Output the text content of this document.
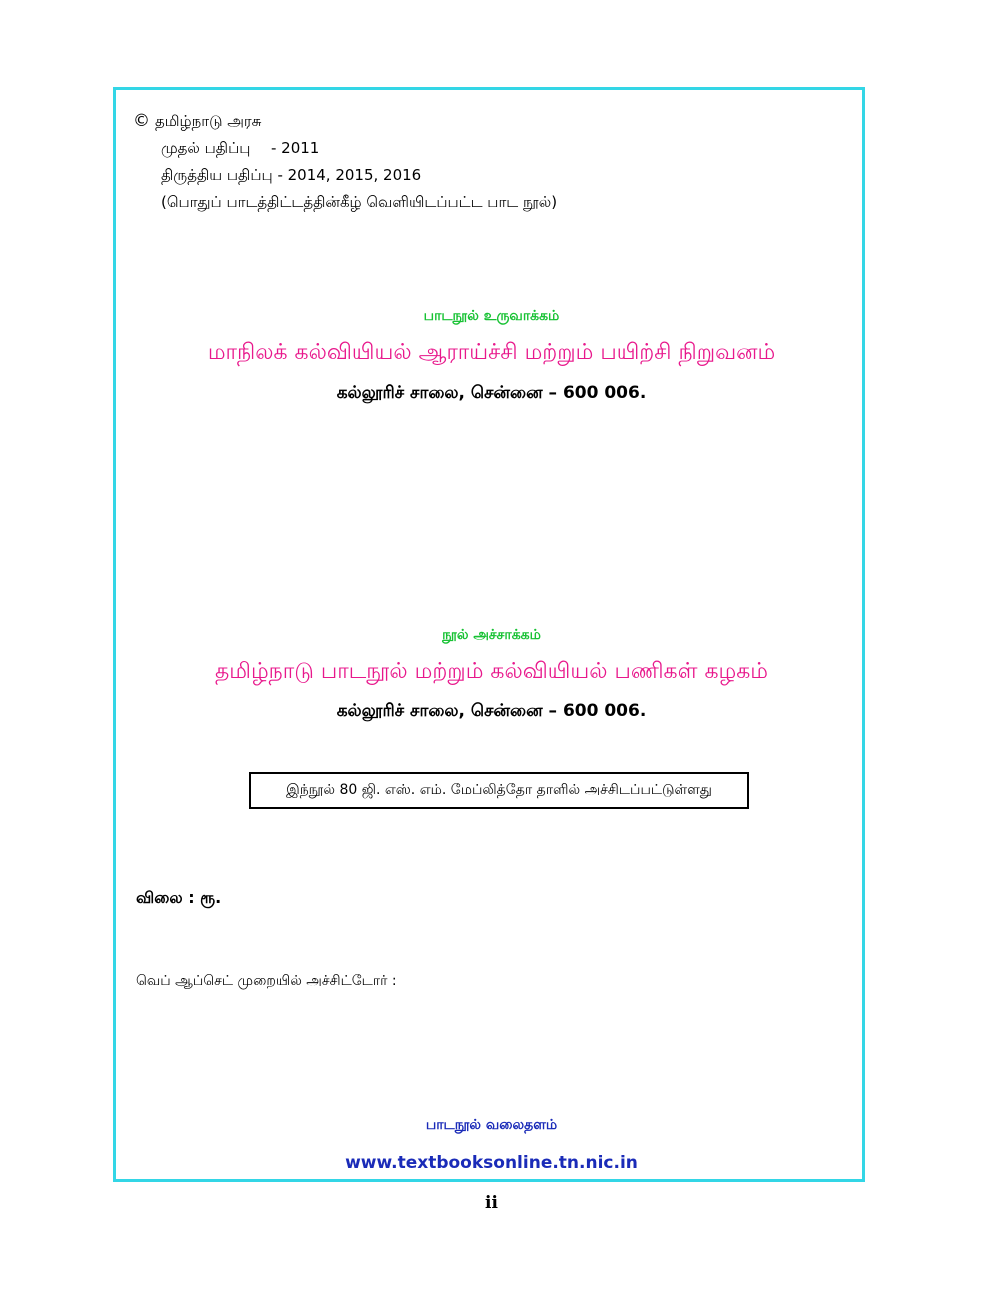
© தமிழ்நாடு அரசு
முதல் பதிப்பு - 2011
திருத்திய பதிப்பு - 2014, 2015, 2016
(பொதுப் பாடத்திட்டத்தின்கீழ் வெளியிடப்பட்ட பாட நூல்)
பாடநூல் உருவாக்கம்
மாநிலக் கல்வியியல் ஆராய்ச்சி மற்றும் பயிற்சி நிறுவனம்
கல்லூரிச் சாலை, சென்னை – 600 006.
நூல் அச்சாக்கம்
தமிழ்நாடு பாடநூல் மற்றும் கல்வியியல் பணிகள் கழகம்
கல்லூரிச் சாலை, சென்னை – 600 006.
இந்நூல் 80 ஜி. எஸ். எம். மேப்லித்தோ தாளில் அச்சிடப்பட்டுள்ளது
விலை : ரூ.
வெப் ஆப்செட் முறையில் அச்சிட்டோர் :
பாடநூல் வலைதளம்
www.textbooksonline.tn.nic.in
ii
